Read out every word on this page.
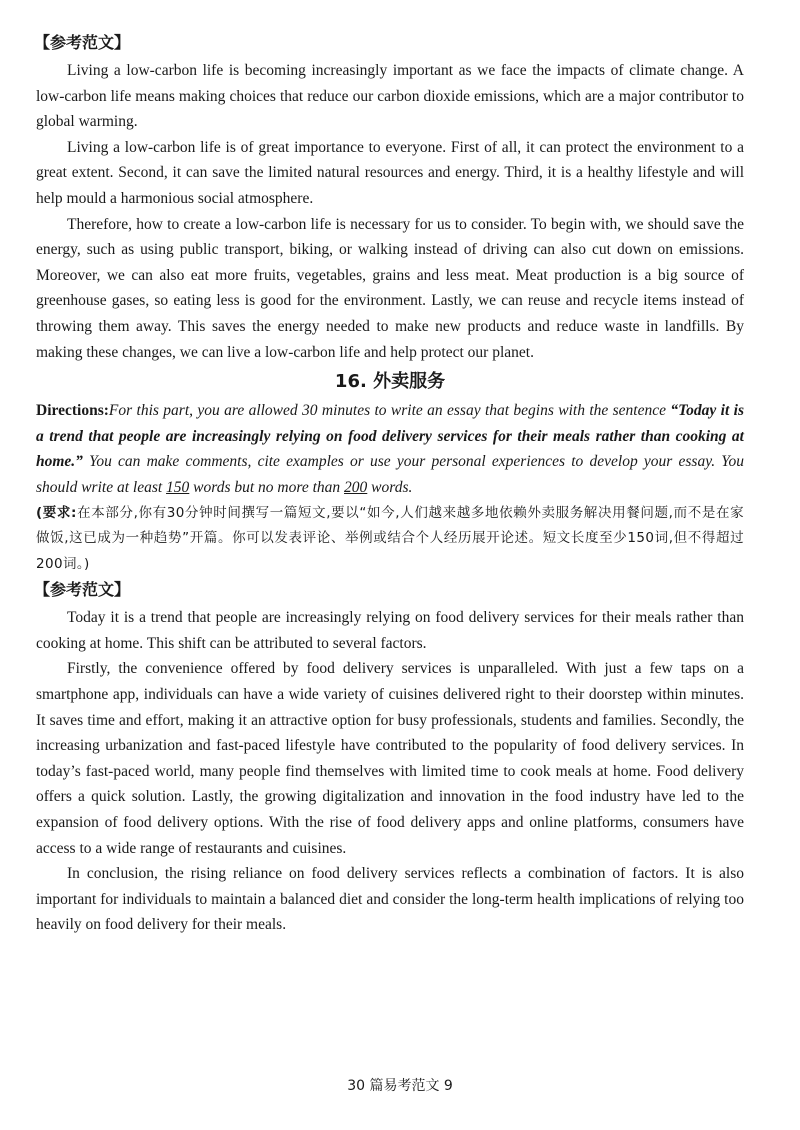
【参考范文】

Living a low-carbon life is becoming increasingly important as we face the impacts of climate change. A low-carbon life means making choices that reduce our carbon dioxide emissions, which are a major contributor to global warming.

Living a low-carbon life is of great importance to everyone. First of all, it can protect the environment to a great extent. Second, it can save the limited natural resources and energy. Third, it is a healthy lifestyle and will help mould a harmonious social atmosphere.

Therefore, how to create a low-carbon life is necessary for us to consider. To begin with, we should save the energy, such as using public transport, biking, or walking instead of driving can also cut down on emissions. Moreover, we can also eat more fruits, vegetables, grains and less meat. Meat production is a big source of greenhouse gases, so eating less is good for the environment. Lastly, we can reuse and recycle items instead of throwing them away. This saves the energy needed to make new products and reduce waste in landfills. By making these changes, we can live a low-carbon life and help protect our planet.

16. 外卖服务

Directions:For this part, you are allowed 30 minutes to write an essay that begins with the sentence “Today it is a trend that people are increasingly relying on food delivery services for their meals rather than cooking at home.” You can make comments, cite examples or use your personal experiences to develop your essay. You should write at least 150 words but no more than 200 words.

(要求:在本部分,你有30分钟时间撰写一篇短文,要以“如今,人们越来越多地依赖外卖服务解决用餐问题,而不是在家做饭,这已成为一种趋势”开篇。你可以发表评论、举例或结合个人经历展开论述。短文长度至少150词,但不得超过200词。)

【参考范文】

Today it is a trend that people are increasingly relying on food delivery services for their meals rather than cooking at home. This shift can be attributed to several factors.

Firstly, the convenience offered by food delivery services is unparalleled. With just a few taps on a smartphone app, individuals can have a wide variety of cuisines delivered right to their doorstep within minutes. It saves time and effort, making it an attractive option for busy professionals, students and families. Secondly, the increasing urbanization and fast-paced lifestyle have contributed to the popularity of food delivery services. In today’s fast-paced world, many people find themselves with limited time to cook meals at home. Food delivery offers a quick solution. Lastly, the growing digitalization and innovation in the food industry have led to the expansion of food delivery options. With the rise of food delivery apps and online platforms, consumers have access to a wide range of restaurants and cuisines.

In conclusion, the rising reliance on food delivery services reflects a combination of factors. It is also important for individuals to maintain a balanced diet and consider the long-term health implications of relying too heavily on food delivery for their meals.

30 篇易考范文 9
